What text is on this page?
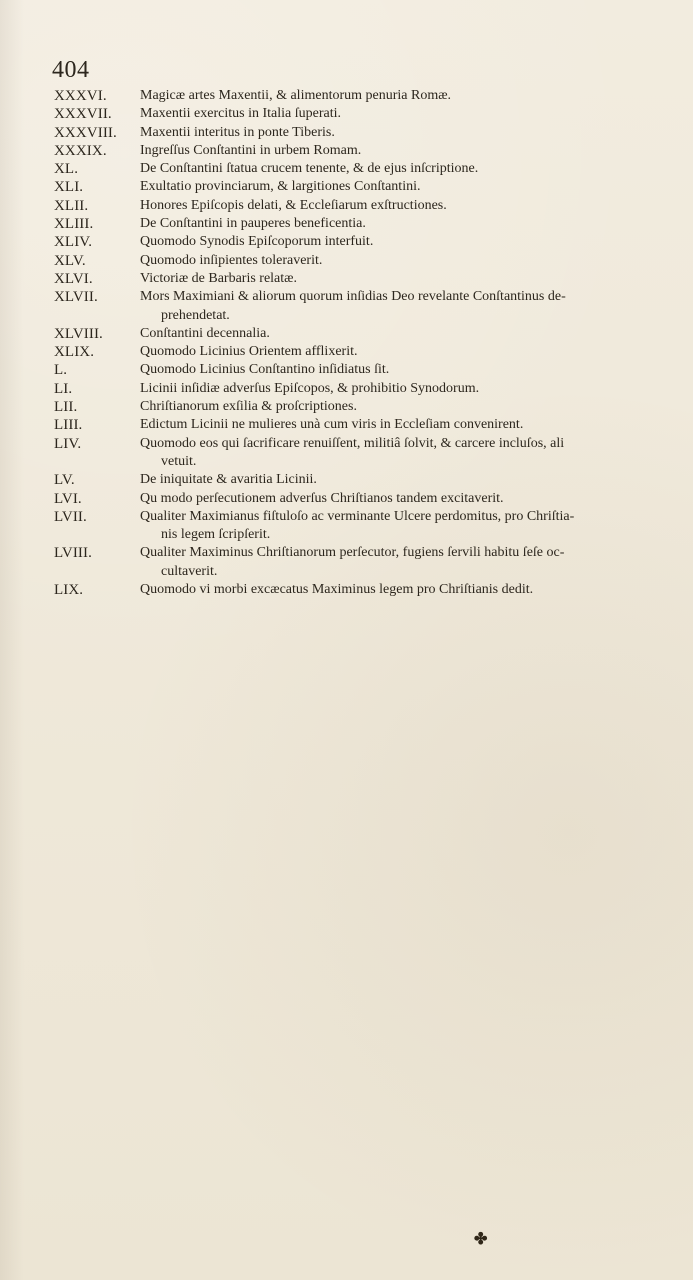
404
XXXVI.	Magicæ artes Maxentii, & alimentorum penuria Romæ.
XXXVII.	Maxentii exercitus in Italia ſuperati.
XXXVIII.	Maxentii interitus in ponte Tiberis.
XXXIX.	Ingreſſus Conſtantini in urbem Romam.
XL.	De Conſtantini ſtatua crucem tenente, & de ejus inſcriptione.
XLI.	Exultatio provinciarum, & largitiones Conſtantini.
XLII.	Honores Epiſcopis delati, & Eccleſiarum exſtructiones.
XLIII.	De Conſtantini in pauperes beneficentia.
XLIV.	Quomodo Synodis Epiſcoporum interfuit.
XLV.	Quomodo inſipientes toleraverit.
XLVI.	Victoriæ de Barbaris relatæ.
XLVII.	Mors Maximiani & aliorum quorum inſidias Deo revelante Conſtantinus de-
prehendetat.
XLVIII.	Conſtantini decennalia.
XLIX.	Quomodo Licinius Orientem afflixerit.
L.	Quomodo Licinius Conſtantino inſidiatus ſit.
LI.	Licinii inſidiæ adverſus Epiſcopos, & prohibitio Synodorum.
LII.	Chriſtianorum exſilia & proſcriptiones.
LIII.	Edictum Licinii ne mulieres unà cum viris in Eccleſiam convenirent.
LIV.	Quomodo eos qui ſacrificare renuiſſent, militiâ ſolvit, & carcere incluſos, ali
vetuit.
LV.	De iniquitate & avaritia Licinii.
LVI.	Qu modo perſecutionem adverſus Chriſtianos tandem excitaverit.
LVII.	Qualiter Maximianus fiſtuloſo ac verminante Ulcere perdomitus, pro Chriſtia-
nis legem ſcripſerit.
LVIII.	Qualiter Maximinus Chriſtianorum perſecutor, fugiens ſervili habitu ſeſe oc-
cultaverit.
LIX.	Quomodo vi morbi excæcatus Maximinus legem pro Chriſtianis dedit.
✤
